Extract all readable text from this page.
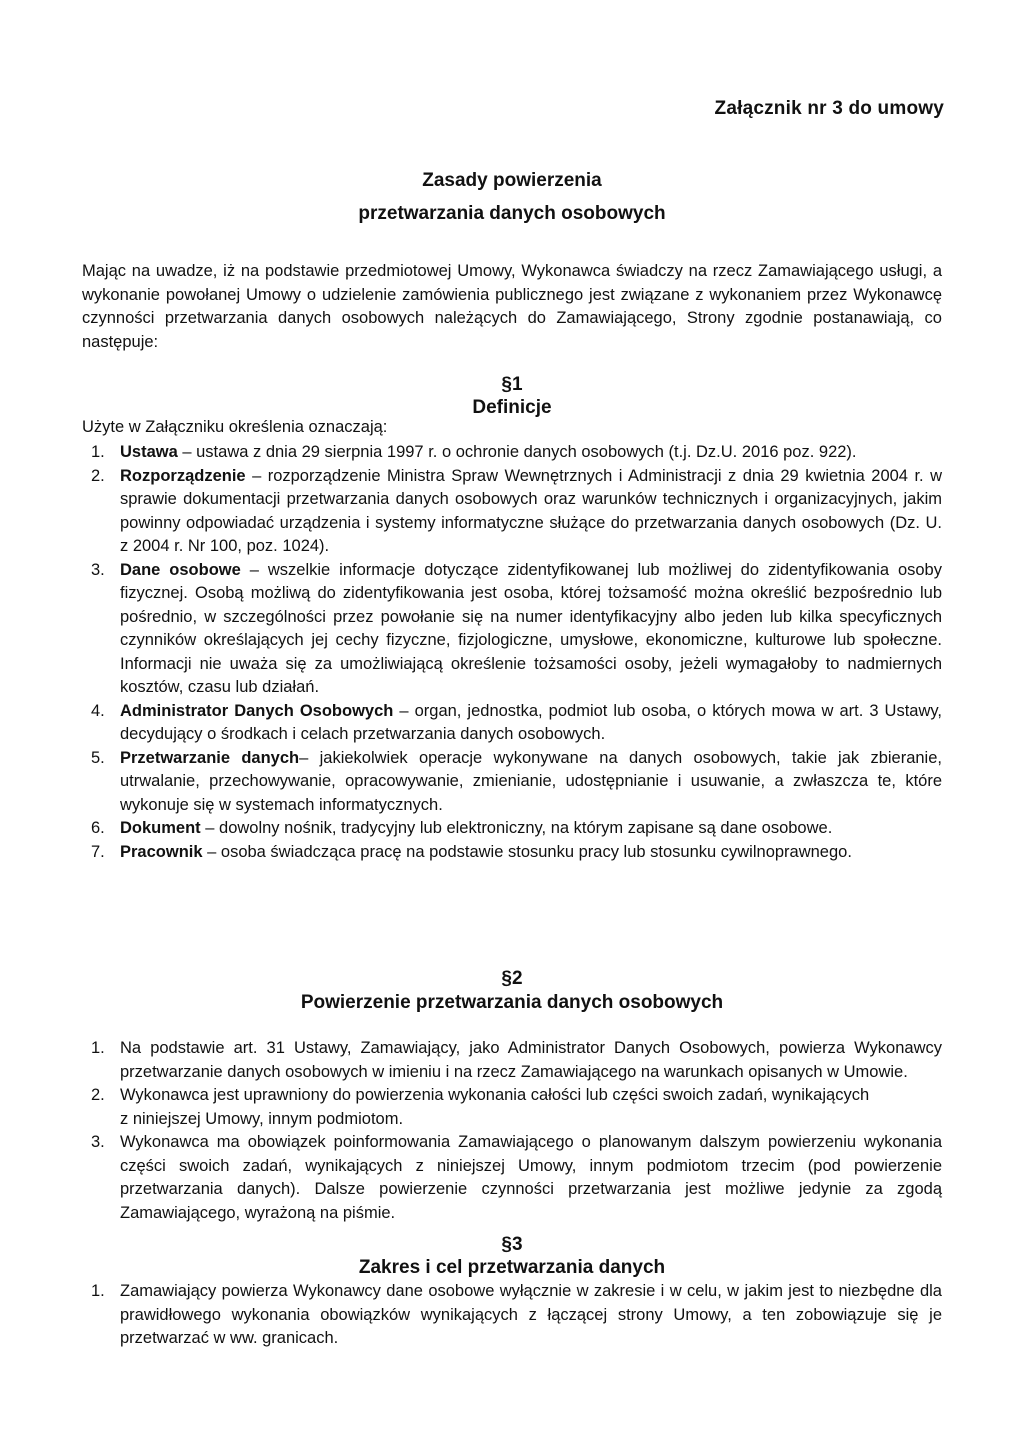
Załącznik nr 3 do umowy
Zasady powierzenia
przetwarzania danych osobowych

Mając na uwadze, iż na podstawie przedmiotowej Umowy, Wykonawca świadczy na rzecz Zamawiającego usługi, a wykonanie powołanej Umowy o udzielenie zamówienia publicznego jest związane z wykonaniem przez Wykonawcę czynności przetwarzania danych osobowych należących do Zamawiającego, Strony zgodnie postanawiają, co następuje:

§1
Definicje

Użyte w Załączniku określenia oznaczają:

1. Ustawa – ustawa z dnia 29 sierpnia 1997 r. o ochronie danych osobowych (t.j. Dz.U. 2016 poz. 922).
2. Rozporządzenie – rozporządzenie Ministra Spraw Wewnętrznych i Administracji z dnia 29 kwietnia 2004 r. w sprawie dokumentacji przetwarzania danych osobowych oraz warunków technicznych i organizacyjnych, jakim powinny odpowiadać urządzenia i systemy informatyczne służące do przetwarzania danych osobowych (Dz. U. z 2004 r. Nr 100, poz. 1024).
3. Dane osobowe – wszelkie informacje dotyczące zidentyfikowanej lub możliwej do zidentyfikowania osoby fizycznej. Osobą możliwą do zidentyfikowania jest osoba, której tożsamość można określić bezpośrednio lub pośrednio, w szczególności przez powołanie się na numer identyfikacyjny albo jeden lub kilka specyficznych czynników określających jej cechy fizyczne, fizjologiczne, umysłowe, ekonomiczne, kulturowe lub społeczne. Informacji nie uważa się za umożliwiającą określenie tożsamości osoby, jeżeli wymagałoby to nadmiernych kosztów, czasu lub działań.
4. Administrator Danych Osobowych – organ, jednostka, podmiot lub osoba, o których mowa w art. 3 Ustawy, decydujący o środkach i celach przetwarzania danych osobowych.
5. Przetwarzanie danych– jakiekolwiek operacje wykonywane na danych osobowych, takie jak zbieranie, utrwalanie, przechowywanie, opracowywanie, zmienianie, udostępnianie i usuwanie, a zwłaszcza te, które wykonuje się w systemach informatycznych.
6. Dokument – dowolny nośnik, tradycyjny lub elektroniczny, na którym zapisane są dane osobowe.
7. Pracownik – osoba świadcząca pracę na podstawie stosunku pracy lub stosunku cywilnoprawnego.
§2
Powierzenie przetwarzania danych osobowych
1. Na podstawie art. 31 Ustawy, Zamawiający, jako Administrator Danych Osobowych, powierza Wykonawcy przetwarzanie danych osobowych w imieniu i na rzecz Zamawiającego na warunkach opisanych w Umowie.
2. Wykonawca jest uprawniony do powierzenia wykonania całości lub części swoich zadań, wynikających
z niniejszej Umowy, innym podmiotom.
3. Wykonawca ma obowiązek poinformowania Zamawiającego o planowanym dalszym powierzeniu wykonania części swoich zadań, wynikających z niniejszej Umowy, innym podmiotom trzecim (pod powierzenie przetwarzania danych). Dalsze powierzenie czynności przetwarzania jest możliwe jedynie za zgodą Zamawiającego, wyrażoną na piśmie.
§3
Zakres i cel przetwarzania danych
1. Zamawiający powierza Wykonawcy dane osobowe wyłącznie w zakresie i w celu, w jakim jest to niezbędne dla prawidłowego wykonania obowiązków wynikających z łączącej strony Umowy, a ten zobowiązuje się je przetwarzać w ww. granicach.
